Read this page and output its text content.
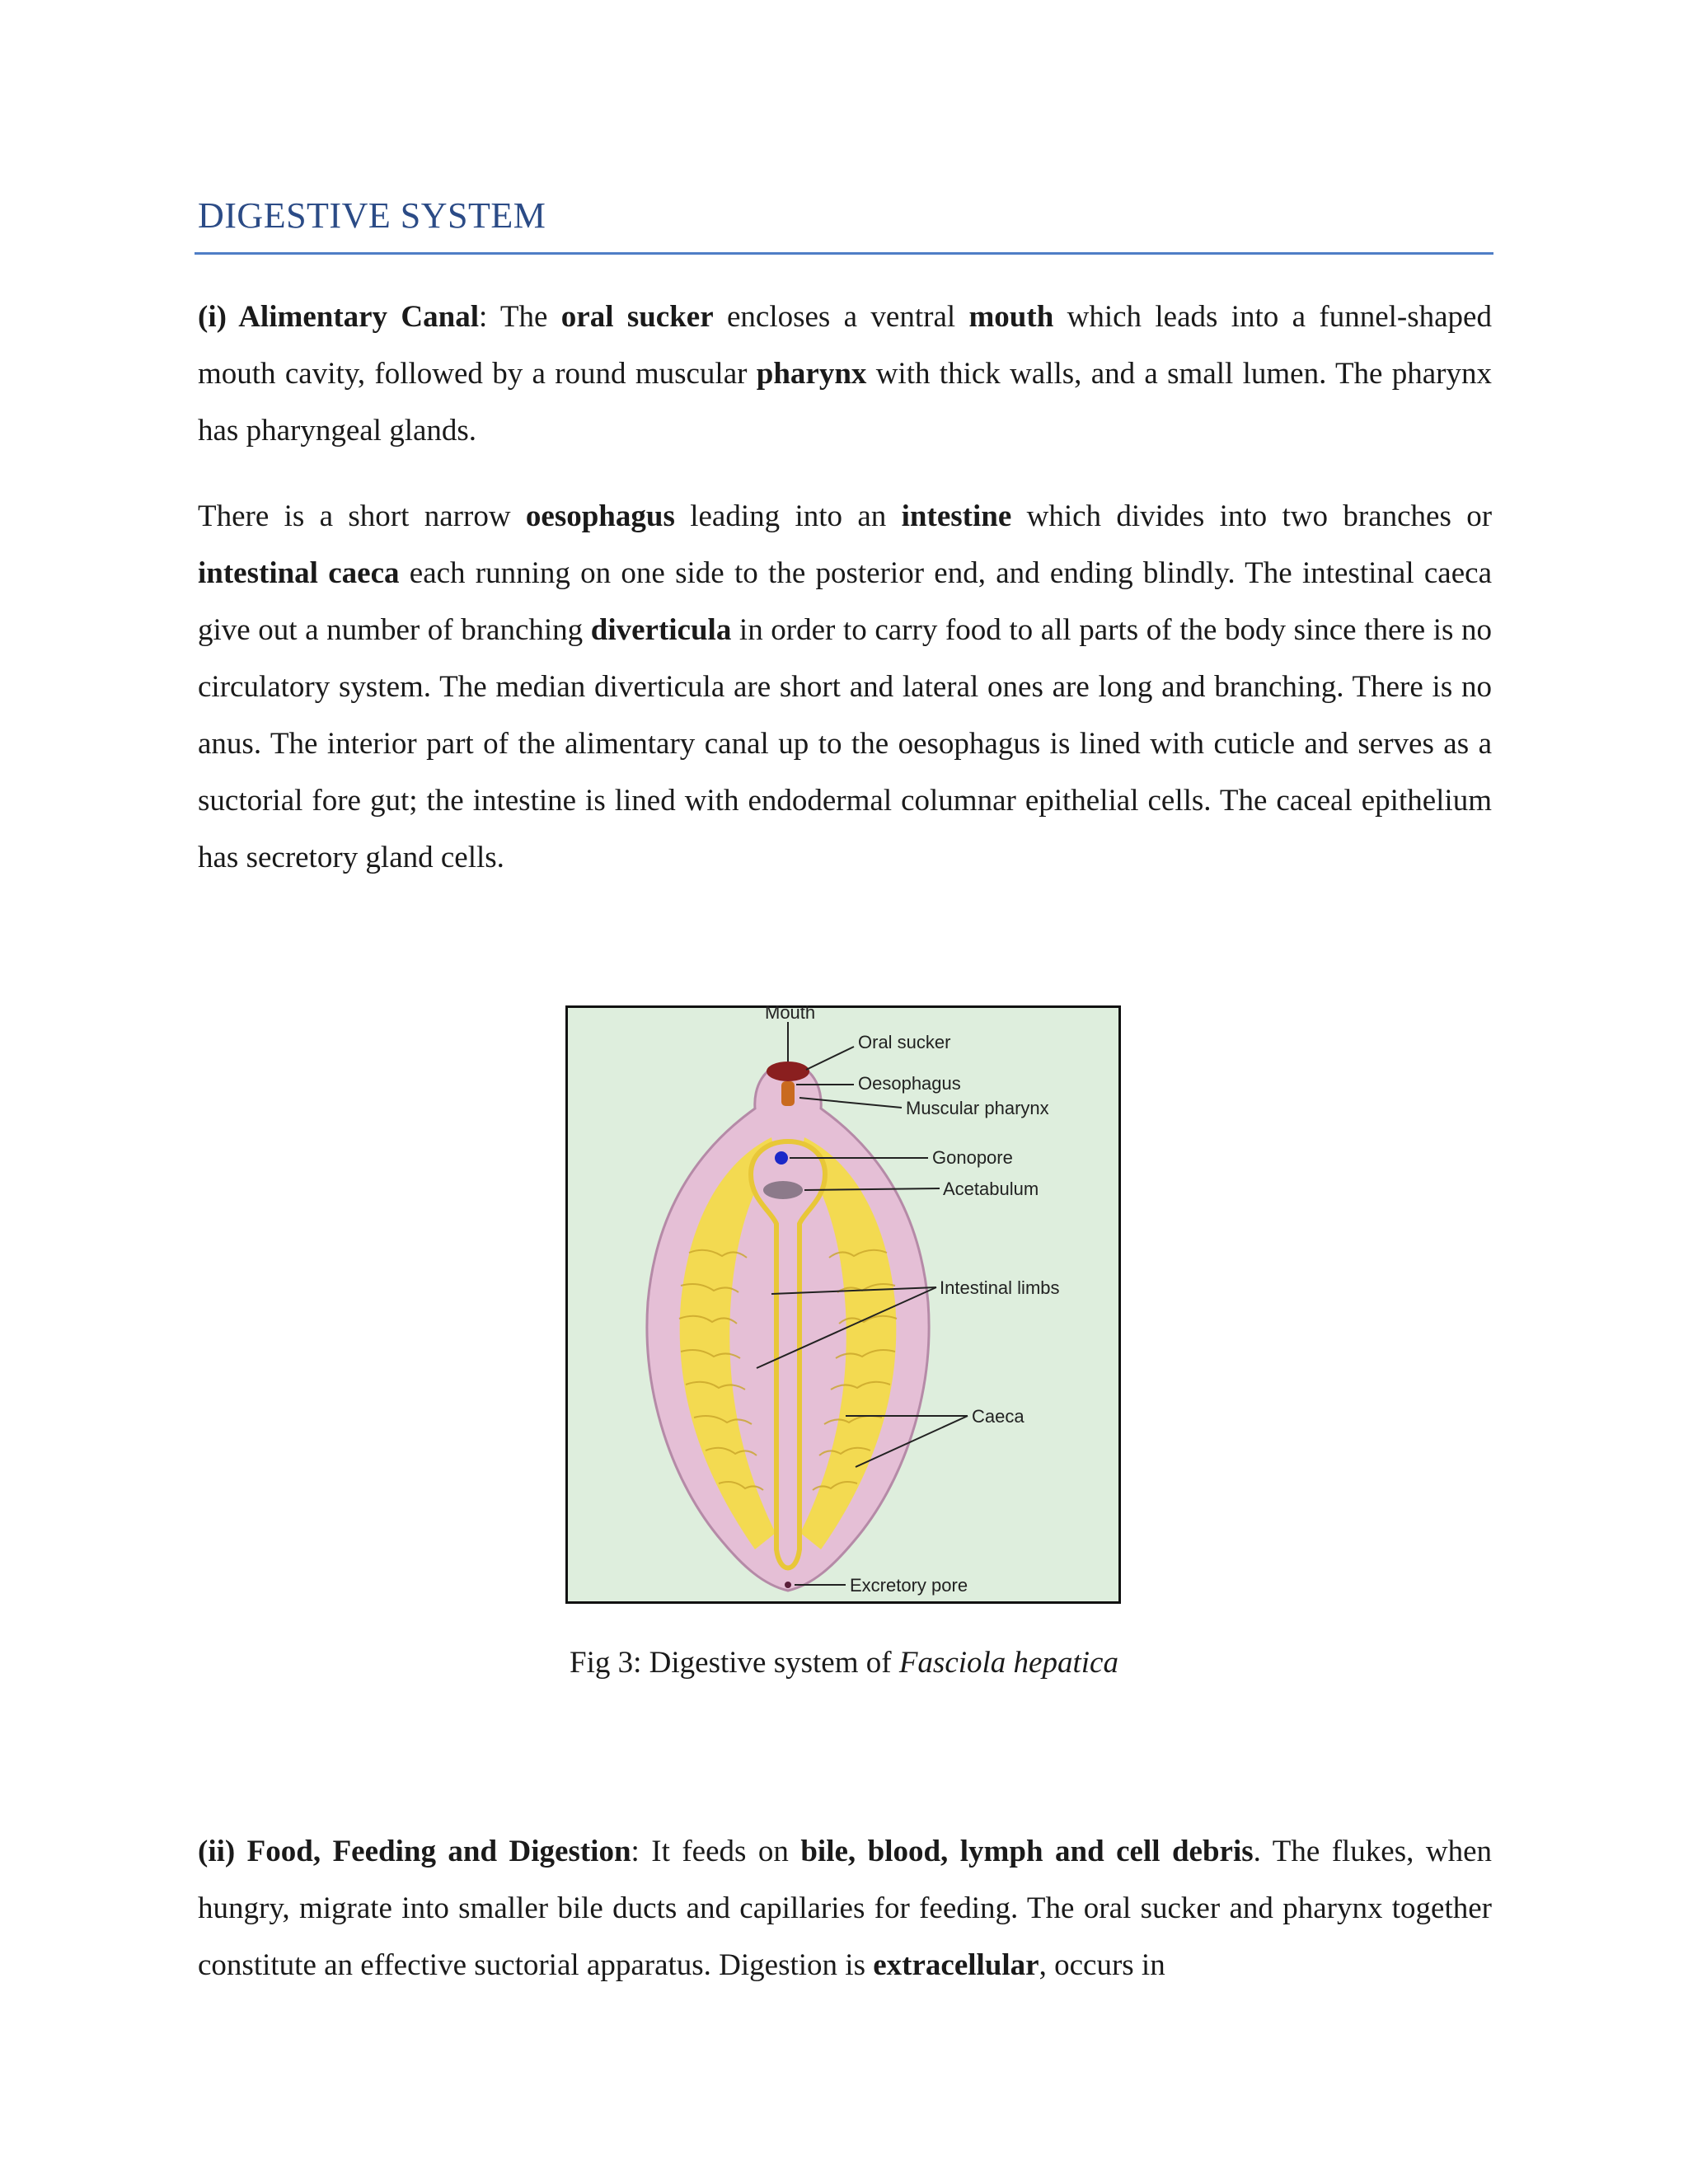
DIGESTIVE SYSTEM

(i) Alimentary Canal: The oral sucker encloses a ventral mouth which leads into a funnel-shaped mouth cavity, followed by a round muscular pharynx with thick walls, and a small lumen. The pharynx has pharyngeal glands.

There is a short narrow oesophagus leading into an intestine which divides into two branches or intestinal caeca each running on one side to the posterior end, and ending blindly. The intestinal caeca give out a number of branching diverticula in order to carry food to all parts of the body since there is no circulatory system. The median diverticula are short and lateral ones are long and branching. There is no anus. The interior part of the alimentary canal up to the oesophagus is lined with cuticle and serves as a suctorial fore gut; the intestine is lined with endodermal columnar epithelial cells. The caceal epithelium has secretory gland cells.

Mouth
Oral sucker
Oesophagus
Muscular pharynx
Gonopore
Acetabulum
Intestinal limbs
Caeca
Excretory pore
Fig 3: Digestive system of Fasciola hepatica

(ii) Food, Feeding and Digestion: It feeds on bile, blood, lymph and cell debris. The flukes, when hungry, migrate into smaller bile ducts and capillaries for feeding. The oral sucker and pharynx together constitute an effective suctorial apparatus. Digestion is extracellular, occurs in
